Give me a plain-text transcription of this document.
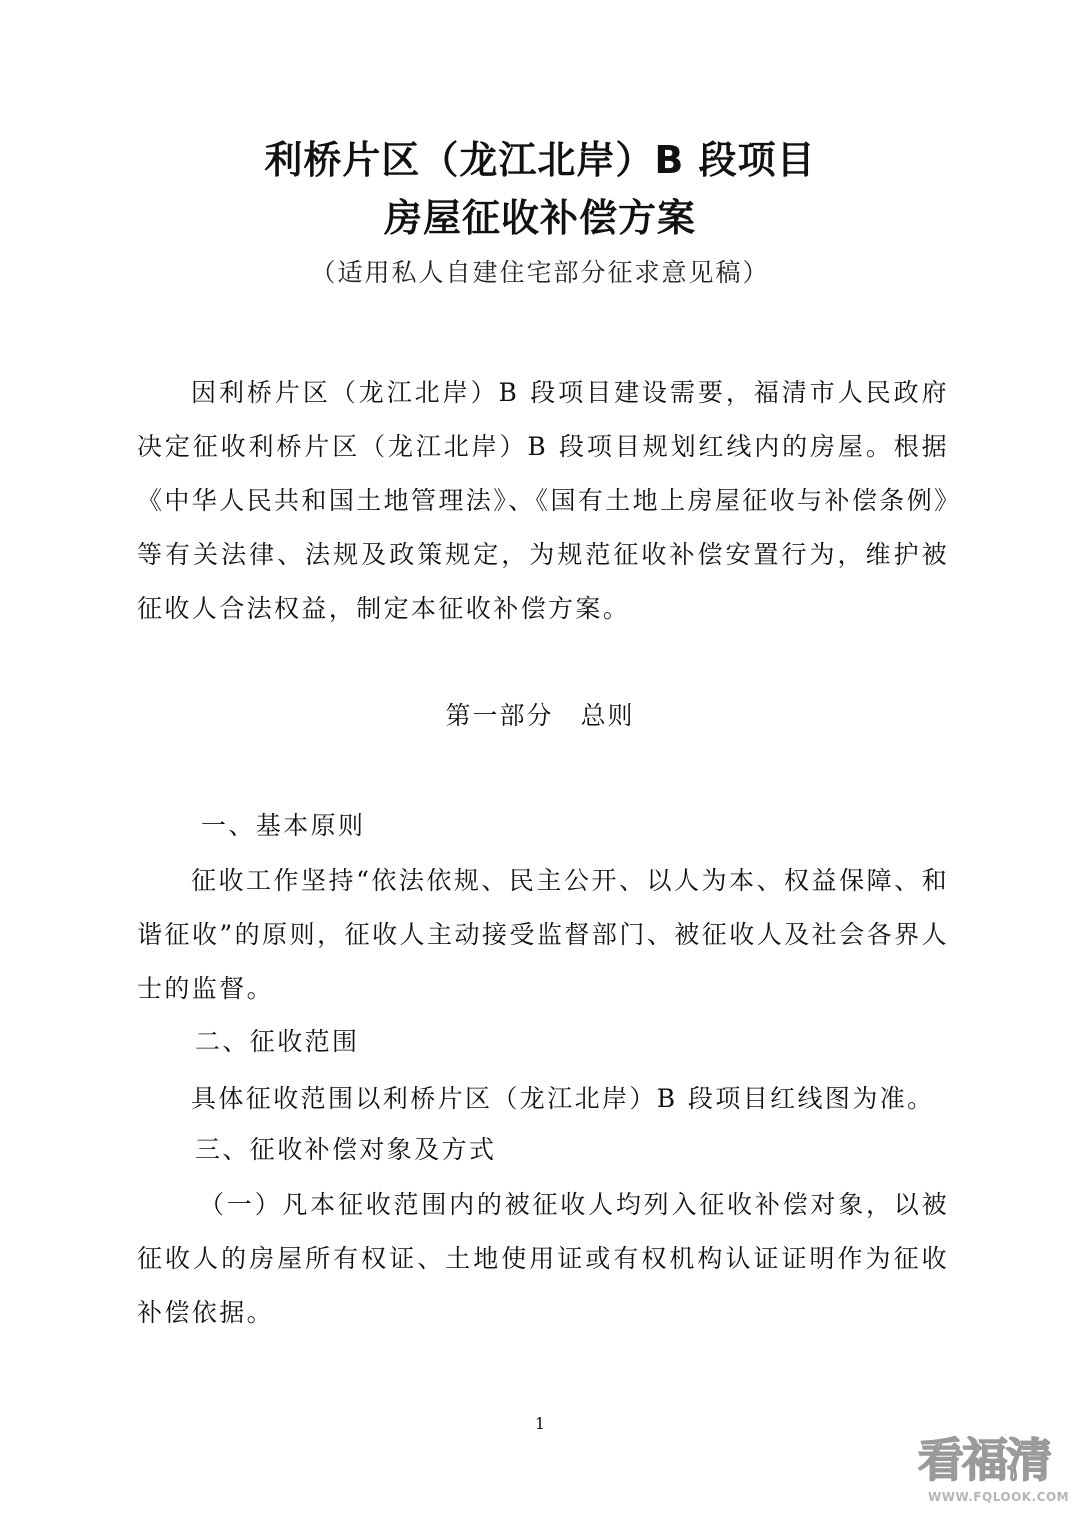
利桥片区（龙江北岸）B 段项目
房屋征收补偿方案
（适用私人自建住宅部分征求意见稿）
因利桥片区（龙江北岸）B 段项目建设需要，福清市人民政府决定征收利桥片区（龙江北岸）B 段项目规划红线内的房屋。根据《中华人民共和国土地管理法》、《国有土地上房屋征收与补偿条例》等有关法律、法规及政策规定，为规范征收补偿安置行为，维护被征收人合法权益，制定本征收补偿方案。
第一部分　总则
一、基本原则
征收工作坚持“依法依规、民主公开、以人为本、权益保障、和谐征收”的原则，征收人主动接受监督部门、被征收人及社会各界人士的监督。
二、征收范围
具体征收范围以利桥片区（龙江北岸）B 段项目红线图为准。
三、征收补偿对象及方式
（一）凡本征收范围内的被征收人均列入征收补偿对象，以被征收人的房屋所有权证、土地使用证或有权机构认证证明作为征收补偿依据。
1
看福清
WWW.FQLOOK.COM
